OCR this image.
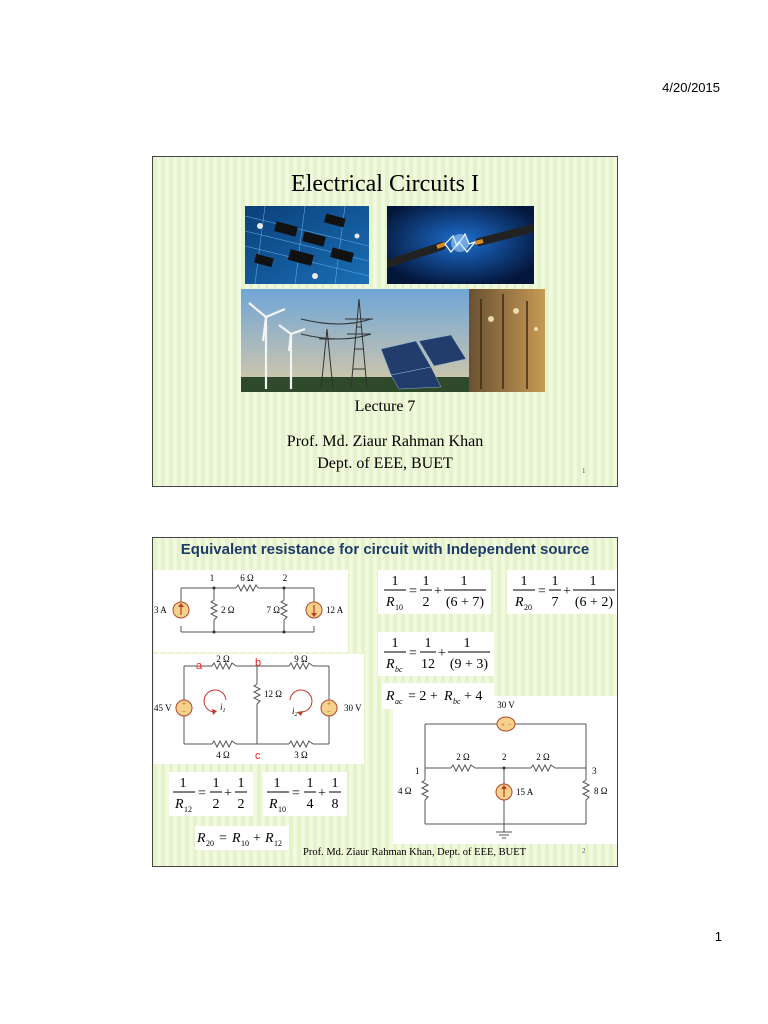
4/20/2015
Electrical Circuits I
Lecture 7
Prof. Md. Ziaur Rahman Khan
Dept. of EEE, BUET	1
Equivalent resistance for circuit with Independent source
6 Ω
1	2
2 Ω	7 Ω
3 A	12 A
+
−
+
−
2 Ω	9 Ω
12 Ω
4 Ω	3 Ω
a	b
c
45 V	30 V
$i_1$	$i_2$
+ −
30 V
2 Ω	2 Ω
1
2
3
4 Ω	15 A	8 Ω
1
R 10
=
1
2
+
1
(6 + 7)
1
R 20
=
1
7
+
1
(6 + 2)
1
R bc
=
1
12
+
1
(9 + 3)
R ac = 2 + R bc + 4
1
R 12
=
1
2
+
1
2
1
R 10
=
1
4
+
1
8
R 20 = R 10 + R 12
Prof. Md. Ziaur Rahman Khan, Dept. of EEE, BUET	2
1
